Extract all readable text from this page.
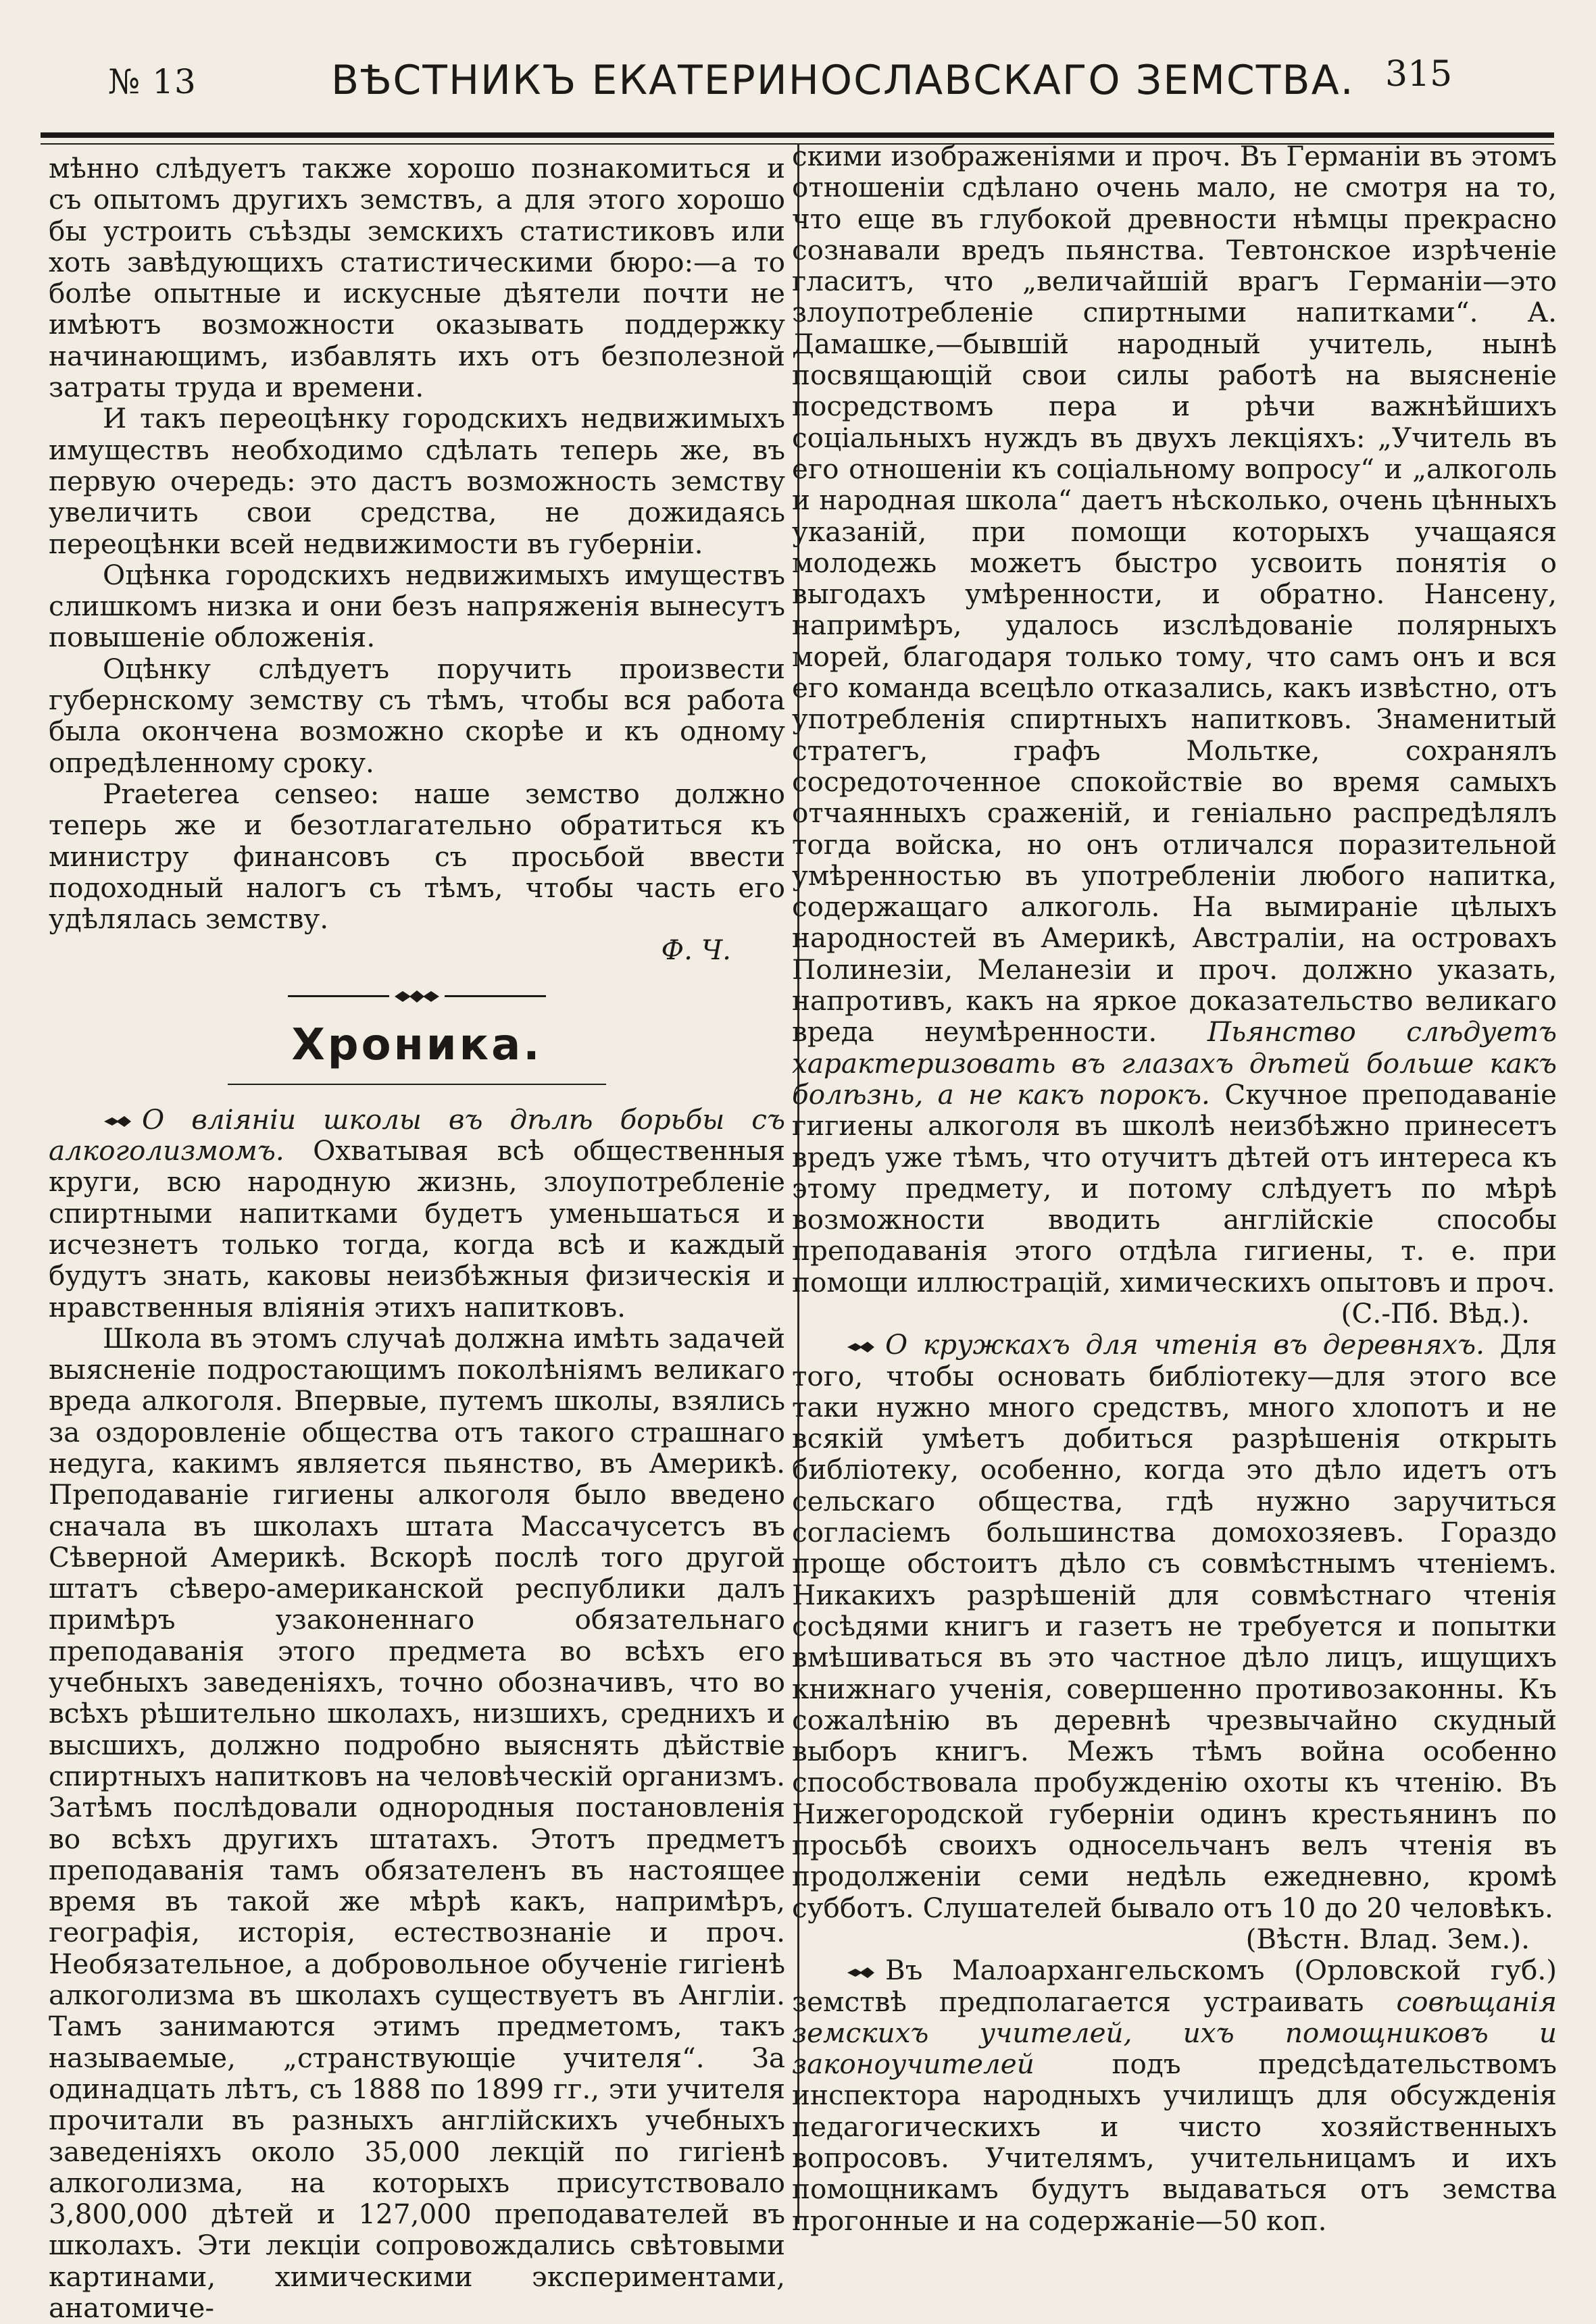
№ 13	ВѢСТНИКЪ ЕКАТЕРИНОСЛАВСКАГО ЗЕМСТВА. 315

мѣнно слѣдуетъ также хорошо познакомиться и съ опытомъ другихъ земствъ, а для этого хорошо бы устроить съѣзды земскихъ статистиковъ или хоть завѣдующихъ статистическими бюро:—а то болѣе опытные и искусные дѣятели почти не имѣютъ возможности оказывать поддержку начинающимъ, избавлять ихъ отъ безполезной затраты труда и времени.

И такъ переоцѣнку городскихъ недвижимыхъ имуществъ необходимо сдѣлать теперь же, въ первую очередь: это дастъ возможность земству увеличить свои средства, не дожидаясь переоцѣнки всей недвижимости въ губерніи.

Оцѣнка городскихъ недвижимыхъ имуществъ слишкомъ низка и они безъ напряженія вынесутъ повышеніе обложенія.

Оцѣнку слѣдуетъ поручить произвести губернскому земству съ тѣмъ, чтобы вся работа была окончена возможно скорѣе и къ одному опредѣленному сроку.

Praeterea censeo: наше земство должно теперь же и безотлагательно обратиться къ министру финансовъ съ просьбой ввести подоходный налогъ съ тѣмъ, чтобы часть его удѣлялась земству.

Ф. Ч.

Хроника.

О вліяніи школы въ дѣлѣ борьбы съ алкоголизмомъ. Охватывая всѣ общественныя круги, всю народную жизнь, злоупотребленіе спиртными напитками будетъ уменьшаться и исчезнетъ только тогда, когда всѣ и каждый будутъ знать, каковы неизбѣжныя физическія и нравственныя вліянія этихъ напитковъ.

Школа въ этомъ случаѣ должна имѣть задачей выясненіе подростающимъ поколѣніямъ великаго вреда алкоголя. Впервые, путемъ школы, взялись за оздоровленіе общества отъ такого страшнаго недуга, какимъ является пьянство, въ Америкѣ. Преподаваніе гигиены алкоголя было введено сначала въ школахъ штата Массачусетсъ въ Сѣверной Америкѣ. Вскорѣ послѣ того другой штатъ сѣверо-американской республики далъ примѣръ узаконеннаго обязательнаго преподаванія этого предмета во всѣхъ его учебныхъ заведеніяхъ, точно обозначивъ, что во всѣхъ рѣшительно школахъ, низшихъ, среднихъ и высшихъ, должно подробно выяснять дѣйствіе спиртныхъ напитковъ на человѣческій организмъ. Затѣмъ послѣдовали однородныя постановленія во всѣхъ другихъ штатахъ. Этотъ предметъ преподаванія тамъ обязателенъ въ настоящее время въ такой же мѣрѣ какъ, напримѣръ, географія, исторія, естествознаніе и проч. Необязательное, а добровольное обученіе гигіенѣ алкоголизма въ школахъ существуетъ въ Англіи. Тамъ занимаются этимъ предметомъ, такъ называемые, „странствующіе учителя“. За одинадцать лѣтъ, съ 1888 по 1899 гг., эти учителя прочитали въ разныхъ англійскихъ учебныхъ заведеніяхъ около 35,000 лекцій по гигіенѣ алкоголизма, на которыхъ присутствовало 3,800,000 дѣтей и 127,000 преподавателей въ школахъ. Эти лекціи сопровождались свѣтовыми картинами, химическими экспериментами, анатомиче-

скими изображеніями и проч. Въ Германіи въ этомъ отношеніи сдѣлано очень мало, не смотря на то, что еще въ глубокой древности нѣмцы прекрасно сознавали вредъ пьянства. Тевтонское изрѣченіе гласитъ, что „величайшій врагъ Германіи—это злоупотребленіе спиртными напитками“. А. Дамашке,—бывшій народный учитель, нынѣ посвящающій свои силы работѣ на выясненіе посредствомъ пера и рѣчи важнѣйшихъ соціальныхъ нуждъ въ двухъ лекціяхъ: „Учитель въ его отношеніи къ соціальному вопросу“ и „алкоголь и народная школа“ даетъ нѣсколько, очень цѣнныхъ указаній, при помощи которыхъ учащаяся молодежь можетъ быстро усвоить понятія о выгодахъ умѣренности, и обратно. Нансену, напримѣръ, удалось изслѣдованіе полярныхъ морей, благодаря только тому, что самъ онъ и вся его команда всецѣло отказались, какъ извѣстно, отъ употребленія спиртныхъ напитковъ. Знаменитый стратегъ, графъ Мольтке, сохранялъ сосредоточенное спокойствіе во время самыхъ отчаянныхъ сраженій, и геніально распредѣлялъ тогда войска, но онъ отличался поразительной умѣренностью въ употребленіи любого напитка, содержащаго алкоголь. На вымираніе цѣлыхъ народностей въ Америкѣ, Австраліи, на островахъ Полинезіи, Меланезіи и проч. должно указать, напротивъ, какъ на яркое доказательство великаго вреда неумѣренности. Пьянство слѣдуетъ характеризовать въ глазахъ дѣтей больше какъ болѣзнь, а не какъ порокъ. Скучное преподаваніе гигиены алкоголя въ школѣ неизбѣжно принесетъ вредъ уже тѣмъ, что отучитъ дѣтей отъ интереса къ этому предмету, и потому слѣдуетъ по мѣрѣ возможности вводить англійскіе способы преподаванія этого отдѣла гигиены, т. е. при помощи иллюстрацій, химическихъ опытовъ и проч.

(С.-Пб. Вѣд.).

О кружкахъ для чтенія въ деревняхъ. Для того, чтобы основать библіотеку—для этого все таки нужно много средствъ, много хлопотъ и не всякій умѣетъ добиться разрѣшенія открыть библіотеку, особенно, когда это дѣло идетъ отъ сельскаго общества, гдѣ нужно заручиться согласіемъ большинства домохозяевъ. Гораздо проще обстоитъ дѣло съ совмѣстнымъ чтеніемъ. Никакихъ разрѣшеній для совмѣстнаго чтенія сосѣдями книгъ и газетъ не требуется и попытки вмѣшиваться въ это частное дѣло лицъ, ищущихъ книжнаго ученія, совершенно противозаконны. Къ сожалѣнію въ деревнѣ чрезвычайно скудный выборъ книгъ. Межъ тѣмъ война особенно способствовала пробужденію охоты къ чтенію. Въ Нижегородской губерніи одинъ крестьянинъ по просьбѣ своихъ односельчанъ велъ чтенія въ продолженіи семи недѣль ежедневно, кромѣ субботъ. Слушателей бывало отъ 10 до 20 человѣкъ.

(Вѣстн. Влад. Зем.).

Въ Малоархангельскомъ (Орловской губ.) земствѣ предполагается устраивать совѣщанія земскихъ учителей, ихъ помощниковъ и законоучителей	подъ предсѣдательствомъ инспектора народныхъ училищъ для обсужденія педагогическихъ и чисто хозяйственныхъ вопросовъ. Учителямъ, учительницамъ и ихъ помощникамъ будутъ выдаваться отъ земства прогонные и на содержаніе—50 коп.
